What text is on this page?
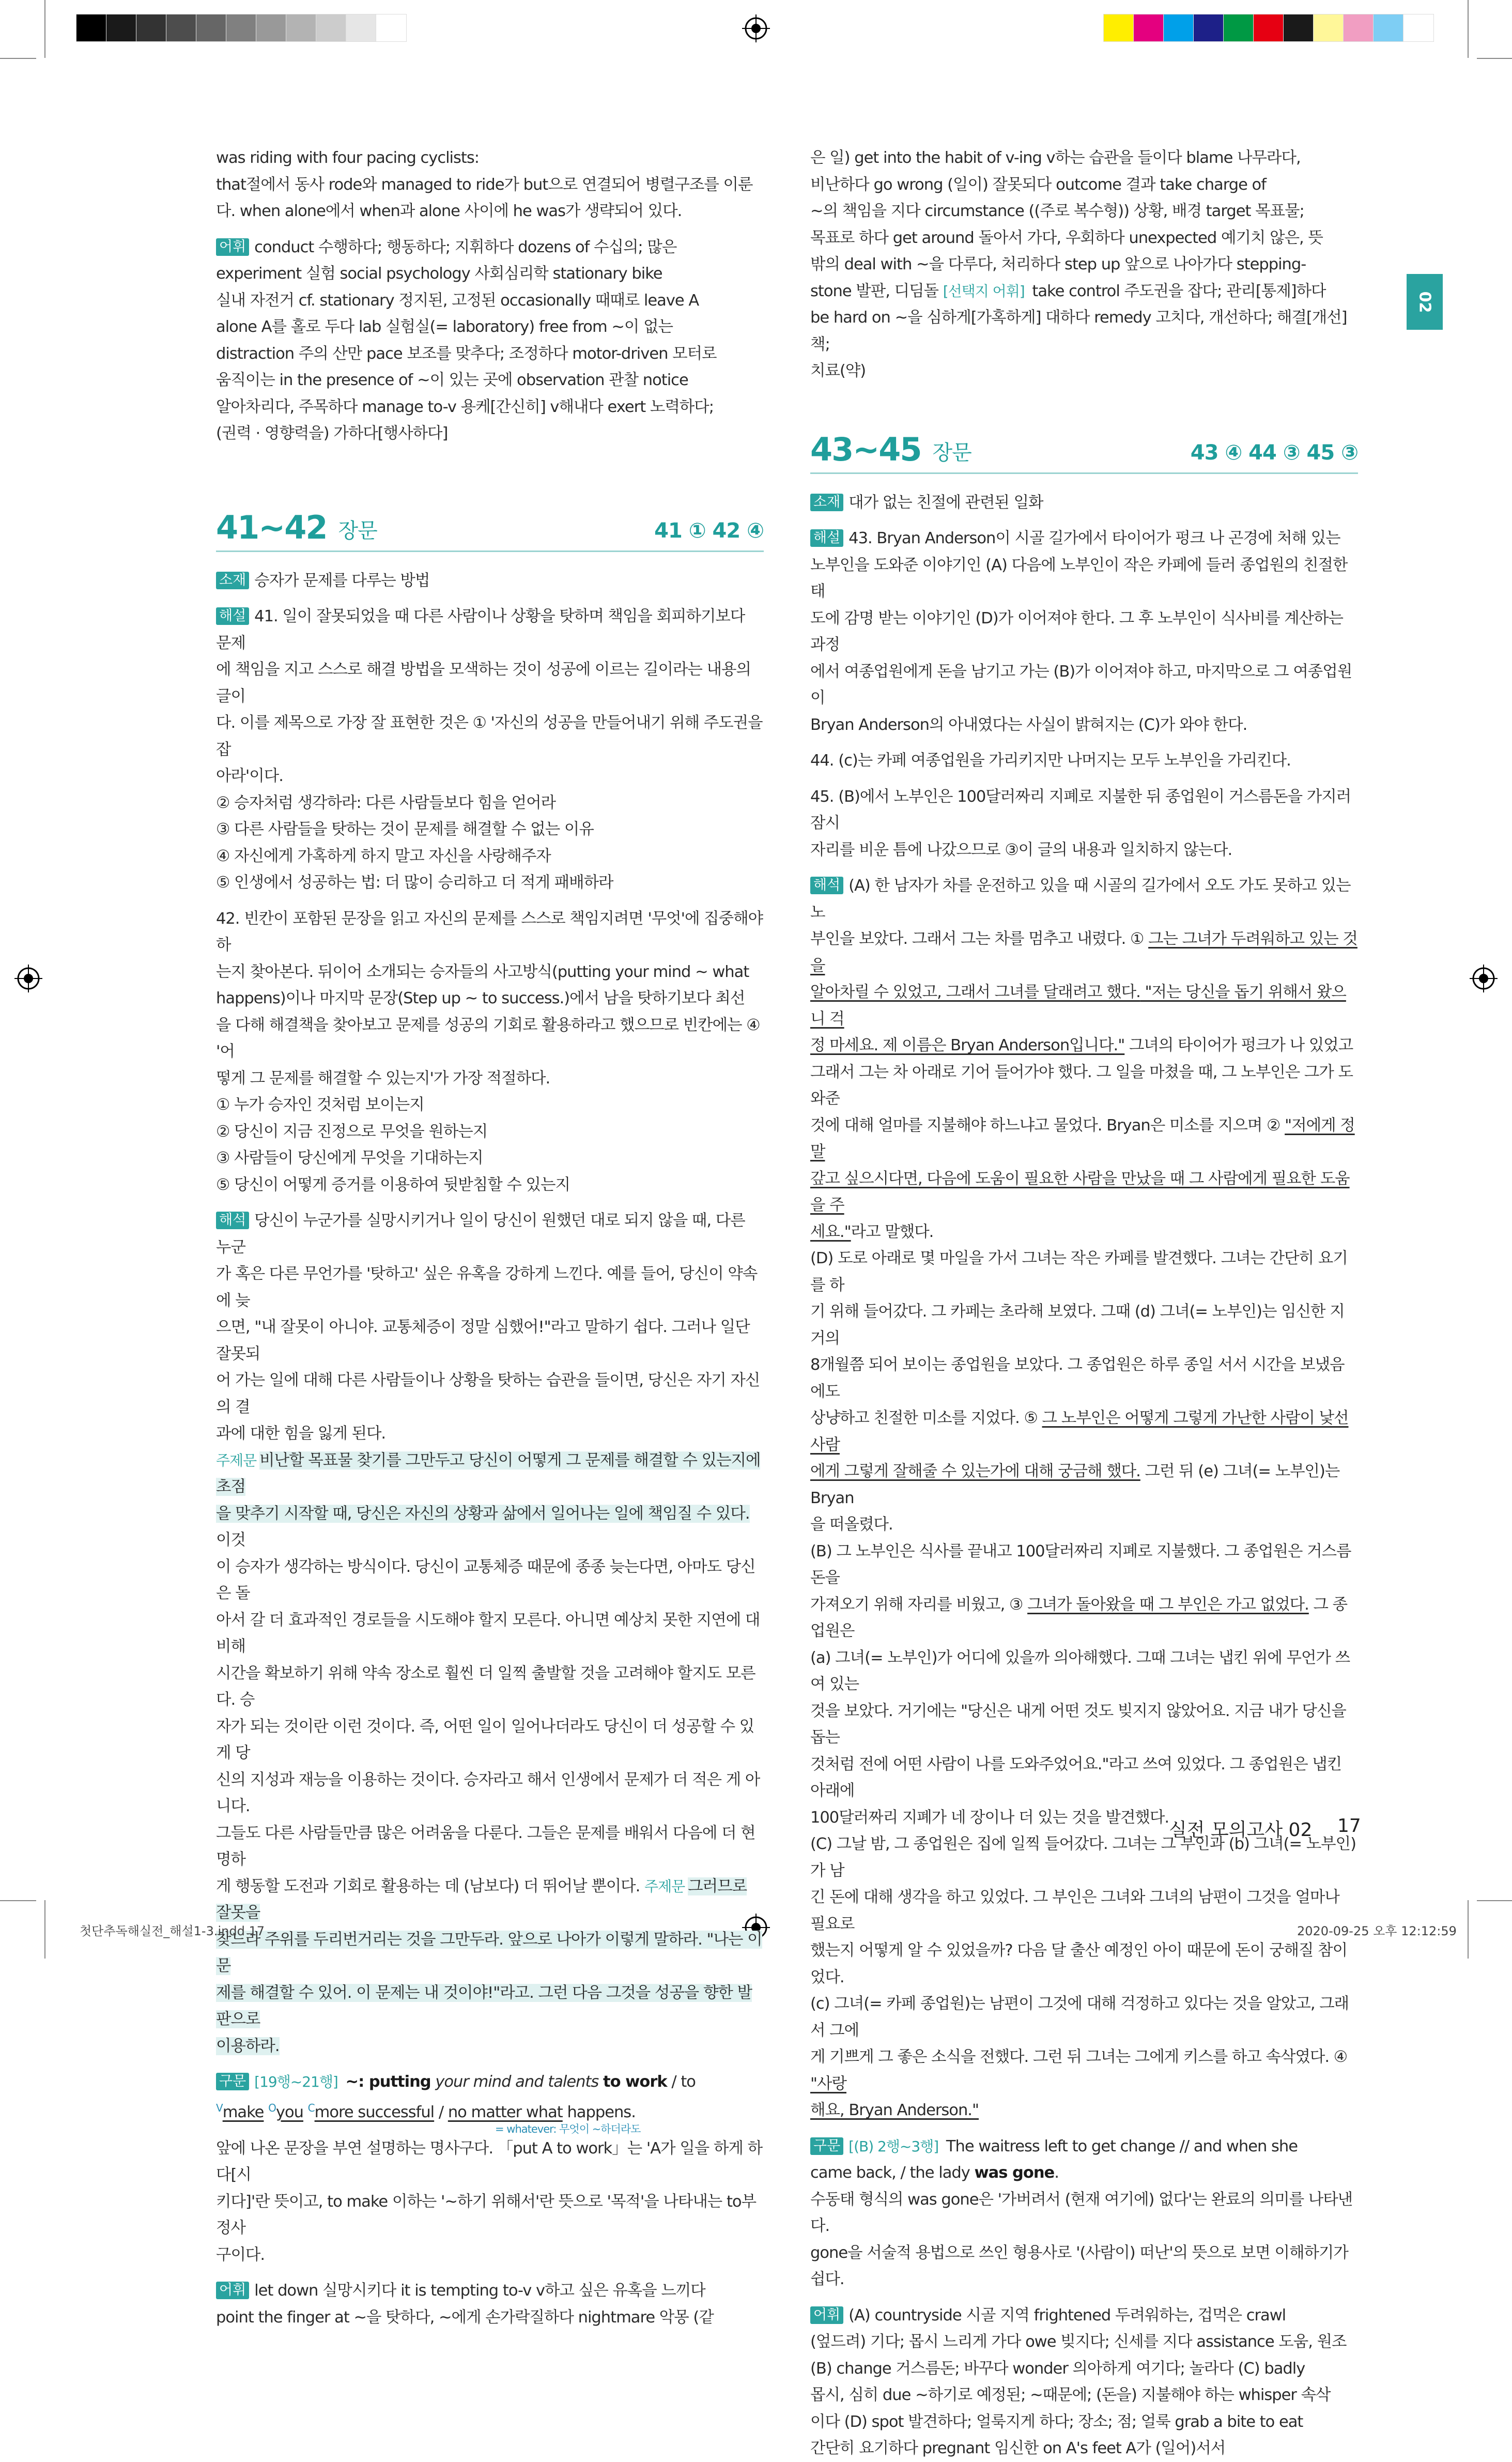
02

was riding with four pacing cyclists:

that절에서 동사 rode와 managed to ride가 but으로 연결되어 병렬구조를 이룬

다. when alone에서 when과 alone 사이에 he was가 생략되어 있다.

어휘 conduct 수행하다; 행동하다; 지휘하다 dozens of 수십의; 많은

experiment 실험 social psychology 사회심리학 stationary bike

실내 자전거 cf. stationary 정지된, 고정된 occasionally 때때로 leave A

alone A를 홀로 두다 lab 실험실(= laboratory) free from ~이 없는

distraction 주의 산만 pace 보조를 맞추다; 조정하다 motor-driven 모터로

움직이는 in the presence of ~이 있는 곳에 observation 관찰 notice

알아차리다, 주목하다 manage to-v 용케[간신히] v해내다 exert 노력하다;

(권력 · 영향력을) 가하다[행사하다]

41~42 장문	41 ① 42 ④

소재 승자가 문제를 다루는 방법

해설 41. 일이 잘못되었을 때 다른 사람이나 상황을 탓하며 책임을 회피하기보다 문제

에 책임을 지고 스스로 해결 방법을 모색하는 것이 성공에 이르는 길이라는 내용의 글이

다. 이를 제목으로 가장 잘 표현한 것은 ① '자신의 성공을 만들어내기 위해 주도권을 잡

아라'이다.

② 승자처럼 생각하라: 다른 사람들보다 힘을 얻어라

③ 다른 사람들을 탓하는 것이 문제를 해결할 수 없는 이유

④ 자신에게 가혹하게 하지 말고 자신을 사랑해주자

⑤ 인생에서 성공하는 법: 더 많이 승리하고 더 적게 패배하라

42. 빈칸이 포함된 문장을 읽고 자신의 문제를 스스로 책임지려면 '무엇'에 집중해야 하

는지 찾아본다. 뒤이어 소개되는 승자들의 사고방식(putting your mind ~ what

happens)이나 마지막 문장(Step up ~ to success.)에서 남을 탓하기보다 최선

을 다해 해결책을 찾아보고 문제를 성공의 기회로 활용하라고 했으므로 빈칸에는 ④ '어

떻게 그 문제를 해결할 수 있는지'가 가장 적절하다.

① 누가 승자인 것처럼 보이는지

② 당신이 지금 진정으로 무엇을 원하는지

③ 사람들이 당신에게 무엇을 기대하는지

⑤ 당신이 어떻게 증거를 이용하여 뒷받침할 수 있는지

해석 당신이 누군가를 실망시키거나 일이 당신이 원했던 대로 되지 않을 때, 다른 누군

가 혹은 다른 무언가를 '탓하고' 싶은 유혹을 강하게 느낀다. 예를 들어, 당신이 약속에 늦

으면, "내 잘못이 아니야. 교통체증이 정말 심했어!"라고 말하기 쉽다. 그러나 일단 잘못되

어 가는 일에 대해 다른 사람들이나 상황을 탓하는 습관을 들이면, 당신은 자기 자신의 결

과에 대한 힘을 잃게 된다.

주제문 비난할 목표물 찾기를 그만두고 당신이 어떻게 그 문제를 해결할 수 있는지에 초점

을 맞추기 시작할 때, 당신은 자신의 상황과 삶에서 일어나는 일에 책임질 수 있다. 이것

이 승자가 생각하는 방식이다. 당신이 교통체증 때문에 종종 늦는다면, 아마도 당신은 돌

아서 갈 더 효과적인 경로들을 시도해야 할지 모른다. 아니면 예상치 못한 지연에 대비해

시간을 확보하기 위해 약속 장소로 훨씬 더 일찍 출발할 것을 고려해야 할지도 모른다. 승

자가 되는 것이란 이런 것이다. 즉, 어떤 일이 일어나더라도 당신이 더 성공할 수 있게 당

신의 지성과 재능을 이용하는 것이다. 승자라고 해서 인생에서 문제가 더 적은 게 아니다.

그들도 다른 사람들만큼 많은 어려움을 다룬다. 그들은 문제를 배워서 다음에 더 현명하

게 행동할 도전과 기회로 활용하는 데 (남보다) 더 뛰어날 뿐이다. 주제문 그러므로 잘못을

찾느라 주위를 두리번거리는 것을 그만두라. 앞으로 나아가 이렇게 말하라. "나는 이 문

제를 해결할 수 있어. 이 문제는 내 것이야!"라고. 그런 다음 그것을 성공을 향한 발판으로

이용하라.

구문 [19행~21행] ~: putting your mind and talents to work / to

$^V$make $^O$you $^C$more successful / no matter what happens.

= whatever: 무엇이 ~하더라도

앞에 나온 문장을 부연 설명하는 명사구다. 「put A to work」는 'A가 일을 하게 하다[시

키다]'란 뜻이고, to make 이하는 '~하기 위해서'란 뜻으로 '목적'을 나타내는 to부정사

구이다.

어휘 let down 실망시키다 it is tempting to-v v하고 싶은 유혹을 느끼다

point the finger at ~을 탓하다, ~에게 손가락질하다 nightmare 악몽 (같

은 일) get into the habit of v-ing v하는 습관을 들이다 blame 나무라다,

비난하다 go wrong (일이) 잘못되다 outcome 결과 take charge of

~의 책임을 지다 circumstance ((주로 복수형)) 상황, 배경 target 목표물;

목표로 하다 get around 돌아서 가다, 우회하다 unexpected 예기치 않은, 뜻

밖의 deal with ~을 다루다, 처리하다 step up 앞으로 나아가다 stepping-

stone 발판, 디딤돌 [선택지 어휘] take control 주도권을 잡다; 관리[통제]하다

be hard on ~을 심하게[가혹하게] 대하다 remedy 고치다, 개선하다; 해결[개선]책;

치료(약)

43~45 장문	43 ④ 44 ③ 45 ③

소재 대가 없는 친절에 관련된 일화

해설 43. Bryan Anderson이 시골 길가에서 타이어가 펑크 나 곤경에 처해 있는

노부인을 도와준 이야기인 (A) 다음에 노부인이 작은 카페에 들러 종업원의 친절한 태

도에 감명 받는 이야기인 (D)가 이어져야 한다. 그 후 노부인이 식사비를 계산하는 과정

에서 여종업원에게 돈을 남기고 가는 (B)가 이어져야 하고, 마지막으로 그 여종업원이

Bryan Anderson의 아내였다는 사실이 밝혀지는 (C)가 와야 한다.

44. (c)는 카페 여종업원을 가리키지만 나머지는 모두 노부인을 가리킨다.

45. (B)에서 노부인은 100달러짜리 지폐로 지불한 뒤 종업원이 거스름돈을 가지러 잠시

자리를 비운 틈에 나갔으므로 ③이 글의 내용과 일치하지 않는다.

해석 (A) 한 남자가 차를 운전하고 있을 때 시골의 길가에서 오도 가도 못하고 있는 노

부인을 보았다. 그래서 그는 차를 멈추고 내렸다. ① 그는 그녀가 두려워하고 있는 것을

알아차릴 수 있었고, 그래서 그녀를 달래려고 했다. "저는 당신을 돕기 위해서 왔으니 걱

정 마세요. 제 이름은 Bryan Anderson입니다." 그녀의 타이어가 펑크가 나 있었고

그래서 그는 차 아래로 기어 들어가야 했다. 그 일을 마쳤을 때, 그 노부인은 그가 도와준

것에 대해 얼마를 지불해야 하느냐고 물었다. Bryan은 미소를 지으며 ② "저에게 정말

갚고 싶으시다면, 다음에 도움이 필요한 사람을 만났을 때 그 사람에게 필요한 도움을 주

세요."라고 말했다.

(D) 도로 아래로 몇 마일을 가서 그녀는 작은 카페를 발견했다. 그녀는 간단히 요기를 하

기 위해 들어갔다. 그 카페는 초라해 보였다. 그때 (d) 그녀(= 노부인)는 임신한 지 거의

8개월쯤 되어 보이는 종업원을 보았다. 그 종업원은 하루 종일 서서 시간을 보냈음에도

상냥하고 친절한 미소를 지었다. ⑤ 그 노부인은 어떻게 그렇게 가난한 사람이 낯선 사람

에게 그렇게 잘해줄 수 있는가에 대해 궁금해 했다. 그런 뒤 (e) 그녀(= 노부인)는 Bryan

을 떠올렸다.

(B) 그 노부인은 식사를 끝내고 100달러짜리 지폐로 지불했다. 그 종업원은 거스름돈을

가져오기 위해 자리를 비웠고, ③ 그녀가 돌아왔을 때 그 부인은 가고 없었다. 그 종업원은

(a) 그녀(= 노부인)가 어디에 있을까 의아해했다. 그때 그녀는 냅킨 위에 무언가 쓰여 있는

것을 보았다. 거기에는 "당신은 내게 어떤 것도 빚지지 않았어요. 지금 내가 당신을 돕는

것처럼 전에 어떤 사람이 나를 도와주었어요."라고 쓰여 있었다. 그 종업원은 냅킨 아래에

100달러짜리 지폐가 네 장이나 더 있는 것을 발견했다.

(C) 그날 밤, 그 종업원은 집에 일찍 들어갔다. 그녀는 그 부인과 (b) 그녀(= 노부인)가 남

긴 돈에 대해 생각을 하고 있었다. 그 부인은 그녀와 그녀의 남편이 그것을 얼마나 필요로

했는지 어떻게 알 수 있었을까? 다음 달 출산 예정인 아이 때문에 돈이 궁해질 참이었다.

(c) 그녀(= 카페 종업원)는 남편이 그것에 대해 걱정하고 있다는 것을 알았고, 그래서 그에

게 기쁘게 그 좋은 소식을 전했다. 그런 뒤 그녀는 그에게 키스를 하고 속삭였다. ④ "사랑

해요, Bryan Anderson."

구문 [(B) 2행~3행] The waitress left to get change // and when she

came back, / the lady was gone.

수동태 형식의 was gone은 '가버려서 (현재 여기에) 없다'는 완료의 의미를 나타낸다.

gone을 서술적 용법으로 쓰인 형용사로 '(사람이) 떠난'의 뜻으로 보면 이해하기가 쉽다.

어휘 (A) countryside 시골 지역 frightened 두려워하는, 겁먹은 crawl

(엎드려) 기다; 몹시 느리게 가다 owe 빚지다; 신세를 지다 assistance 도움, 원조

(B) change 거스름돈; 바꾸다 wonder 의아하게 여기다; 놀라다 (C) badly

몹시, 심히 due ~하기로 예정된; ~때문에; (돈을) 지불해야 하는 whisper 속삭

이다 (D) spot 발견하다; 얼룩지게 하다; 장소; 점; 얼룩 grab a bite to eat

간단히 요기하다 pregnant 임신한 on A's feet A가 (일어)서서

실전 모의고사 02 17
첫단추독해실전_해설1-3.indd 17	2020-09-25 오후 12:12:59
